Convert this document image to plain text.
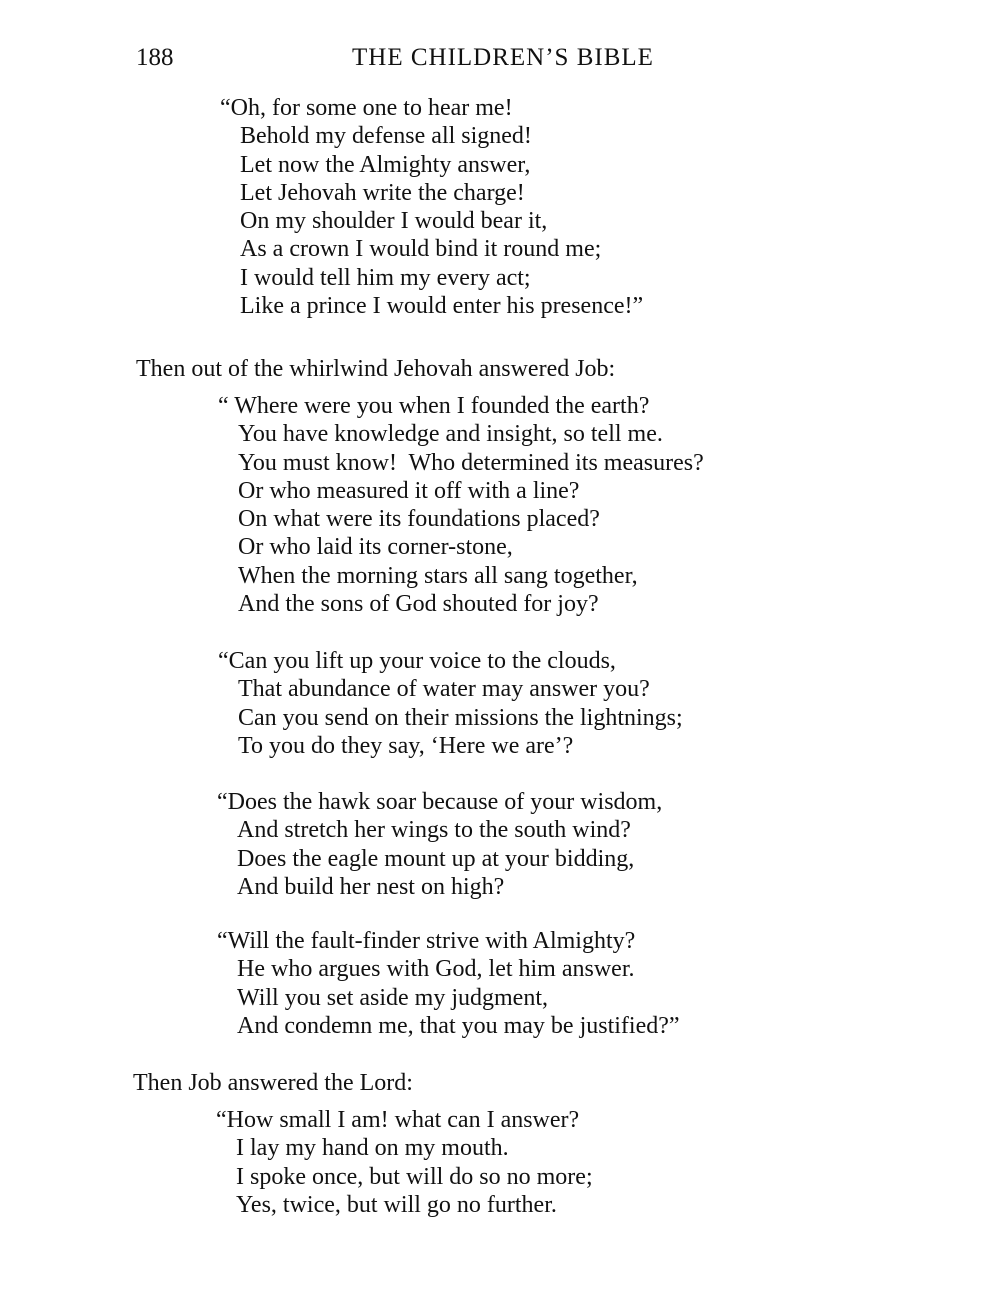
188	THE CHILDREN’S BIBLE
“Oh, for some one to hear me!
Behold my defense all signed!
Let now the Almighty answer,
Let Jehovah write the charge!
On my shoulder I would bear it,
As a crown I would bind it round me;
I would tell him my every act;
Like a prince I would enter his presence!”
Then out of the whirlwind Jehovah answered Job:
“ Where were you when I founded the earth?
You have knowledge and insight, so tell me.
You must know!  Who determined its measures?
Or who measured it off with a line?
On what were its foundations placed?
Or who laid its corner-stone,
When the morning stars all sang together,
And the sons of God shouted for joy?
“Can you lift up your voice to the clouds,
That abundance of water may answer you?
Can you send on their missions the lightnings;
To you do they say, ‘Here we are’?
“Does the hawk soar because of your wisdom,
And stretch her wings to the south wind?
Does the eagle mount up at your bidding,
And build her nest on high?
“Will the fault-finder strive with Almighty?
He who argues with God, let him answer.
Will you set aside my judgment,
And condemn me, that you may be justified?”
Then Job answered the Lord:
“How small I am! what can I answer?
I lay my hand on my mouth.
I spoke once, but will do so no more;
Yes, twice, but will go no further.
